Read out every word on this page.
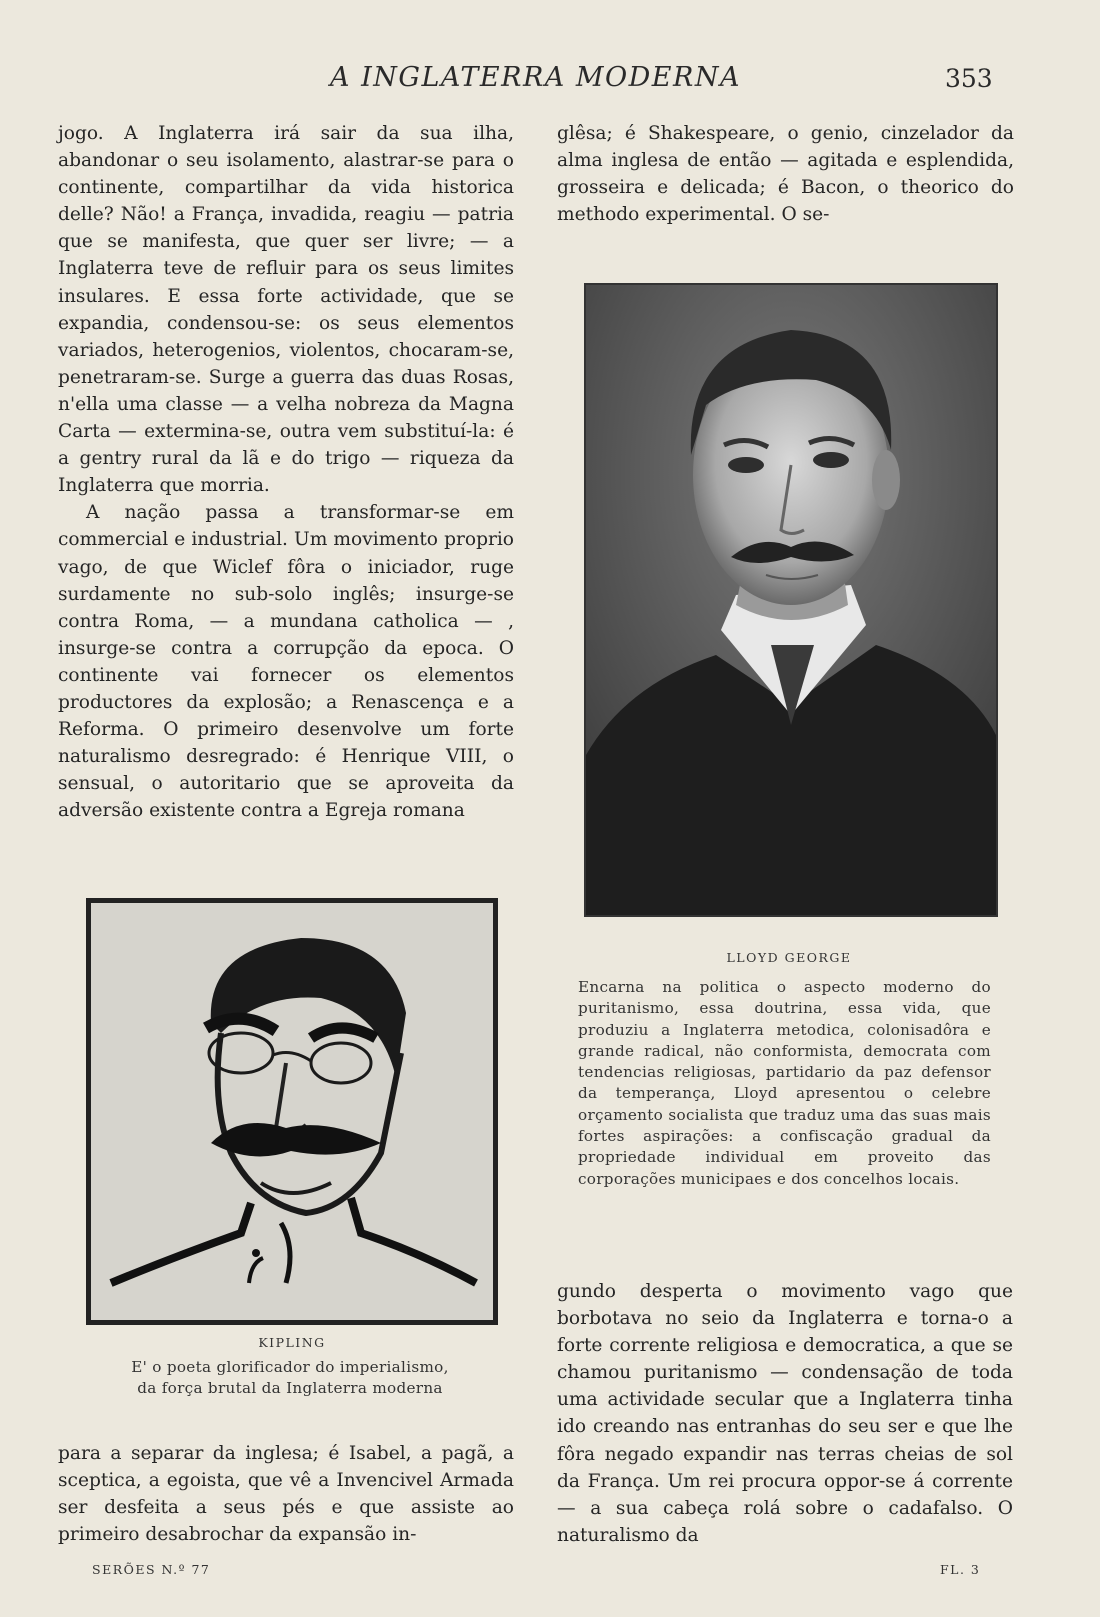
A INGLATERRA MODERNA	353

jogo. A Inglaterra irá sair da sua ilha, abandonar o seu isolamento, alastrar-se para o continente, compartilhar da vida historica delle? Não! a França, invadida, reagiu — patria que se manifesta, que quer ser livre; — a Inglaterra teve de refluir para os seus limites insulares. E essa forte actividade, que se expandia, condensou-se: os seus elementos variados, heterogenios, violentos, chocaram-se, penetraram-se. Surge a guerra das duas Rosas, n'ella uma classe — a velha nobreza da Magna Carta — extermina-se, outra vem substituí-la: é a gentry rural da lã e do trigo — riqueza da Inglaterra que morria.

A nação passa a transformar-se em commercial e industrial. Um movimento proprio vago, de que Wiclef fôra o iniciador, ruge surdamente no sub-solo inglês; insurge-se contra Roma, — a mundana catholica — , insurge-se contra a corrupção da epoca. O continente vai fornecer os elementos productores da explosão; a Renascença e a Reforma. O primeiro desenvolve um forte naturalismo desregrado: é Henrique VIII, o sensual, o autoritario que se aproveita da adversão existente contra a Egreja romana

glêsa; é Shakespeare, o genio, cinzelador da alma inglesa de então — agitada e esplendida, grosseira e delicada; é Bacon, o theorico do methodo experimental. O se-

LLOYD GEORGE
Encarna na politica o aspecto moderno do puritanismo, essa doutrina, essa vida, que produziu a Inglaterra metodica, colonisadôra e grande radical, não conformista, democrata com tendencias religiosas, partidario da paz defensor da temperança, Lloyd apresentou o celebre orçamento socialista que traduz uma das suas mais fortes aspirações: a confiscação gradual da propriedade individual em proveito das corporações municipaes e dos concelhos locais.
KIPLING
E' o poeta glorificador do imperialismo,
da força brutal da Inglaterra moderna

gundo desperta o movimento vago que borbotava no seio da Inglaterra e torna-o a forte corrente religiosa e democratica, a que se chamou puritanismo — condensação de toda uma actividade secular que a Inglaterra tinha ido creando nas entranhas do seu ser e que lhe fôra negado expandir nas terras cheias de sol da França. Um rei procura oppor-se á corrente — a sua cabeça rolá sobre o cadafalso. O naturalismo da

para a separar da inglesa; é Isabel, a pagã, a sceptica, a egoista, que vê a Invencivel Armada ser desfeita a seus pés e que assiste ao primeiro desabrochar da expansão in-

SERÕES N.º 77	FL. 3
